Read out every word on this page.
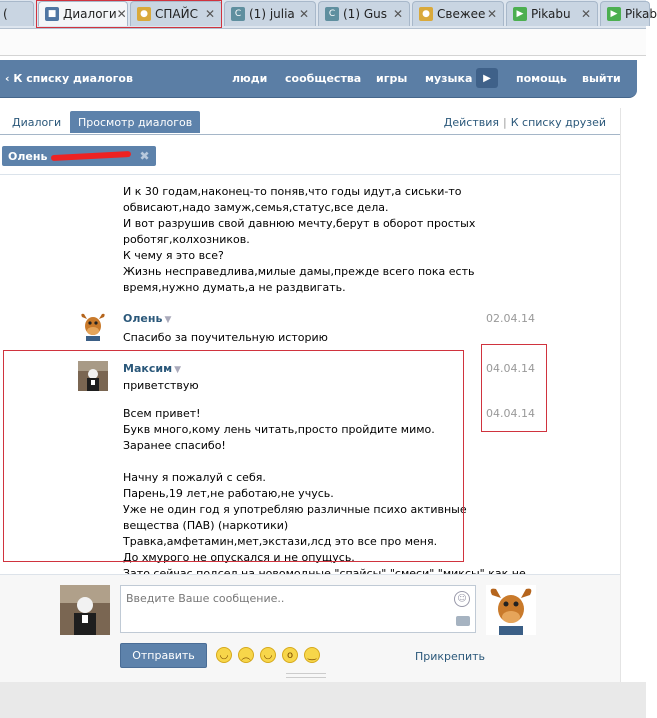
(	■ Диалоги ✕	● СПАЙС ✕	C (1) julia ✕	C (1) Gus ✕	● Свежее ✕	▶ Pikabu ✕	▶ Pikab
‹ К списку диалогов	люди сообщества игры музыка	▶	помощь выйти
Диалоги	Просмотр диалогов	Действия | К списку друзей
Олень	✖
И к 30 годам,наконец-то поняв,что годы идут,а сиськи-то
обвисают,надо замуж,семья,статус,все дела.
И вот разрушив свой давнюю мечту,берут в оборот простых
роботяг,колхозников.
К чему я это все?
Жизнь несправедлива,милые дамы,прежде всего пока есть
время,нужно думать,а не раздвигать.
Олень ▼	02.04.14
Спасибо за поучительную историю
Максим ▼	04.04.14
приветствую
04.04.14
Всем привет!
Букв много,кому лень читать,просто пройдите мимо.
Заранее спасибо!
Начну я пожалуй с себя.
Парень,19 лет,не работаю,не учусь.
Уже не один год я употребляю различные психо активные
вещества (ПАВ) (наркотики)
Травка,амфетамин,мет,экстази,лсд это все про меня.
До хмурого не опускался и не опущусь.
Введите Ваше сообщение..	☺
Отправить	◡	︵	◡	o	‿	Прикрепить
